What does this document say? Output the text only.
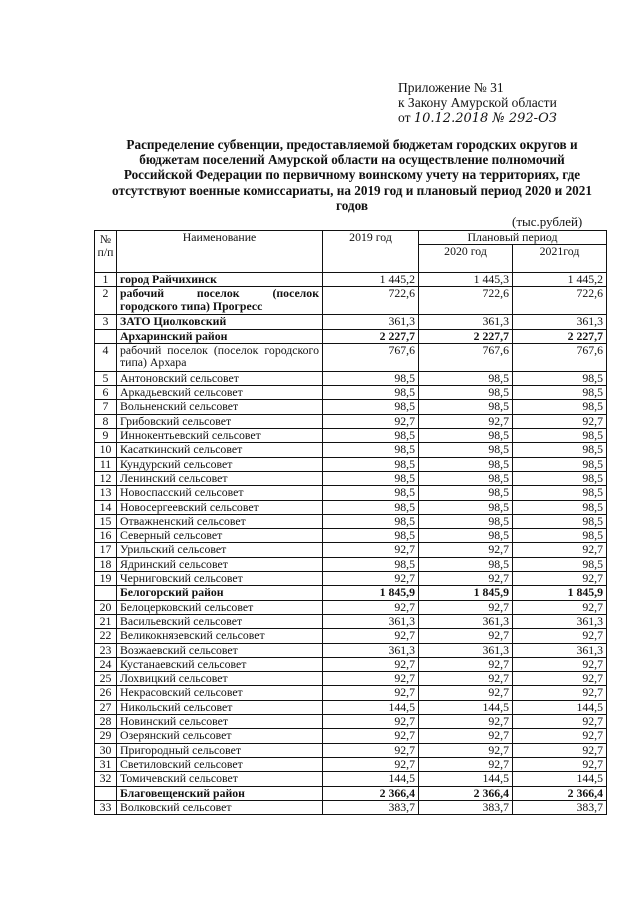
Приложение № 31
к Закону Амурской области
от 10.12.2018 № 292-ОЗ
Распределение субвенции, предоставляемой бюджетам городских округов и бюджетам поселений Амурской области на осуществление полномочий Российской Федерации по первичному воинскому учету на территориях, где отсутствуют военные комиссариаты, на 2019 год и плановый период 2020 и 2021 годов
(тыс.рублей)
№ п/п	Наименование	2019 год	Плановый период	
			2020 год	2021год
1	город Райчихинск	1 445,2	1 445,3	1 445,2
2	рабочий поселок (поселок городского типа) Прогресс	722,6	722,6	722,6
3	ЗАТО Циолковский	361,3	361,3	361,3
	Архаринский район	2 227,7	2 227,7	2 227,7
4	рабочий поселок (поселок городского типа) Архара	767,6	767,6	767,6
5	Антоновский сельсовет	98,5	98,5	98,5
6	Аркадьевский сельсовет	98,5	98,5	98,5
7	Вольненский сельсовет	98,5	98,5	98,5
8	Грибовский сельсовет	92,7	92,7	92,7
9	Иннокентьевский сельсовет	98,5	98,5	98,5
10	Касаткинский сельсовет	98,5	98,5	98,5
11	Кундурский сельсовет	98,5	98,5	98,5
12	Ленинский сельсовет	98,5	98,5	98,5
13	Новоспасский сельсовет	98,5	98,5	98,5
14	Новосергеевский сельсовет	98,5	98,5	98,5
15	Отважненский сельсовет	98,5	98,5	98,5
16	Северный сельсовет	98,5	98,5	98,5
17	Урильский сельсовет	92,7	92,7	92,7
18	Ядринский сельсовет	98,5	98,5	98,5
19	Черниговский сельсовет	92,7	92,7	92,7
	Белогорский район	1 845,9	1 845,9	1 845,9
20	Белоцерковский сельсовет	92,7	92,7	92,7
21	Васильевский сельсовет	361,3	361,3	361,3
22	Великокнязевский сельсовет	92,7	92,7	92,7
23	Возжаевский сельсовет	361,3	361,3	361,3
24	Кустанаевский сельсовет	92,7	92,7	92,7
25	Лохвицкий сельсовет	92,7	92,7	92,7
26	Некрасовский сельсовет	92,7	92,7	92,7
27	Никольский сельсовет	144,5	144,5	144,5
28	Новинский сельсовет	92,7	92,7	92,7
29	Озерянский сельсовет	92,7	92,7	92,7
30	Пригородный сельсовет	92,7	92,7	92,7
31	Светиловский сельсовет	92,7	92,7	92,7
32	Томичевский сельсовет	144,5	144,5	144,5
	Благовещенский район	2 366,4	2 366,4	2 366,4
33	Волковский сельсовет	383,7	383,7	383,7
